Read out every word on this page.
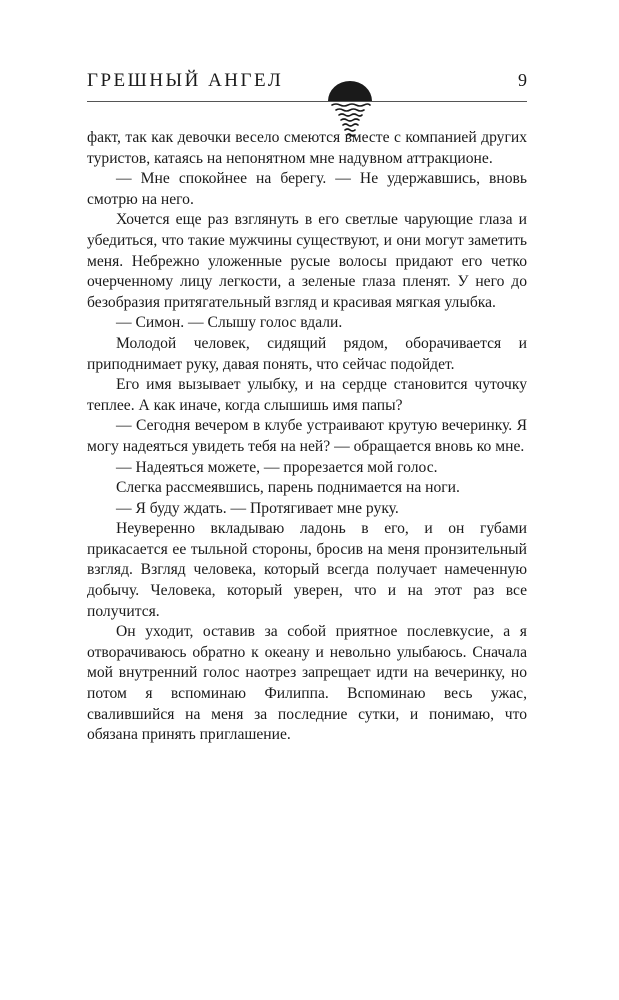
ГРЕШНЫЙ АНГЕЛ	9

факт, так как девочки весело смеются вместе с компанией других туристов, катаясь на непонятном мне надувном аттракционе.

— Мне спокойнее на берегу. — Не удержавшись, вновь смотрю на него.

Хочется еще раз взглянуть в его светлые чарующие глаза и убедиться, что такие мужчины существуют, и они могут заметить меня. Небрежно уложенные русые волосы придают его четко очерченному лицу легкости, а зеленые глаза пленят. У него до безобразия притягательный взгляд и красивая мягкая улыбка.

— Симон. — Слышу голос вдали.

Молодой человек, сидящий рядом, оборачивается и приподнимает руку, давая понять, что сейчас подойдет.

Его имя вызывает улыбку, и на сердце становится чуточку теплее. А как иначе, когда слышишь имя папы?

— Сегодня вечером в клубе устраивают крутую вечеринку. Я могу надеяться увидеть тебя на ней? — обращается вновь ко мне.

— Надеяться можете, — прорезается мой голос.

Слегка рассмеявшись, парень поднимается на ноги.

— Я буду ждать. — Протягивает мне руку.

Неуверенно вкладываю ладонь в его, и он губами прикасается ее тыльной стороны, бросив на меня пронзительный взгляд. Взгляд человека, который всегда получает намеченную добычу. Человека, который уверен, что и на этот раз все получится.

Он уходит, оставив за собой приятное послевкусие, а я отворачиваюсь обратно к океану и невольно улыбаюсь. Сначала мой внутренний голос наотрез запрещает идти на вечеринку, но потом я вспоминаю Филиппа. Вспоминаю весь ужас, свалившийся на меня за последние сутки, и понимаю, что обязана принять приглашение.
